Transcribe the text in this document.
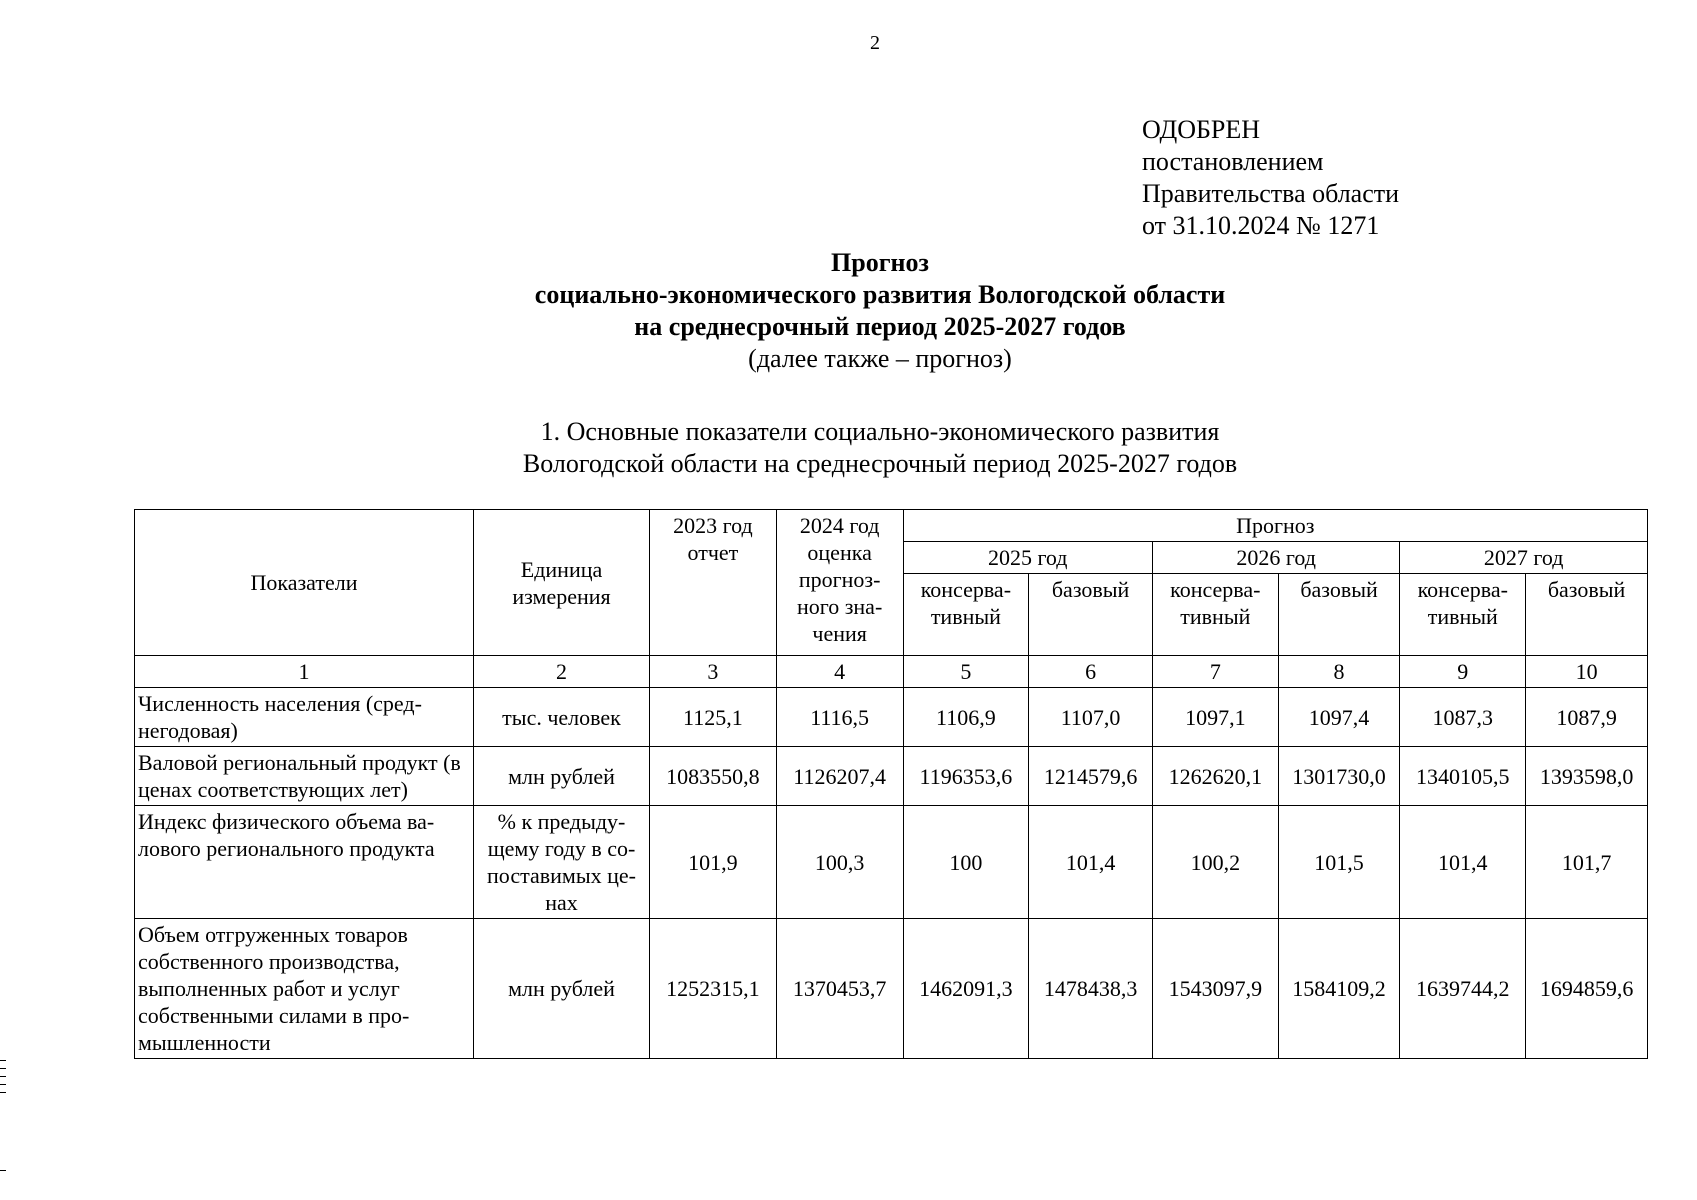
2
ОДОБРЕН
постановлением
Правительства области
от 31.10.2024 № 1271
Прогноз
социально-экономического развития Вологодской области
на среднесрочный период 2025-2027 годов
(далее также – прогноз)
1. Основные показатели социально-экономического развития
Вологодской области на среднесрочный период 2025-2027 годов
Показатели	Единица измерения	2023 год отчет	2024 год оценка прогноз-ного зна-чения	Прогноз					
				2025 год		2026 год		2027 год	
				консерва-тивный	базовый	консерва-тивный	базовый	консерва-тивный	базовый
1	2	3	4	5	6	7	8	9	10
Численность населения (сред-негодовая)	тыс. человек	1125,1	1116,5	1106,9	1107,0	1097,1	1097,4	1087,3	1087,9
Валовой региональный продукт (в ценах соответствующих лет)	млн рублей	1083550,8	1126207,4	1196353,6	1214579,6	1262620,1	1301730,0	1340105,5	1393598,0
Индекс физического объема ва-лового регионального продукта	% к предыду-щему году в со-поставимых це-нах	101,9	100,3	100	101,4	100,2	101,5	101,4	101,7
Объем отгруженных товаров собственного производства, выполненных работ и услуг собственными силами в про-мышленности	млн рублей	1252315,1	1370453,7	1462091,3	1478438,3	1543097,9	1584109,2	1639744,2	1694859,6
